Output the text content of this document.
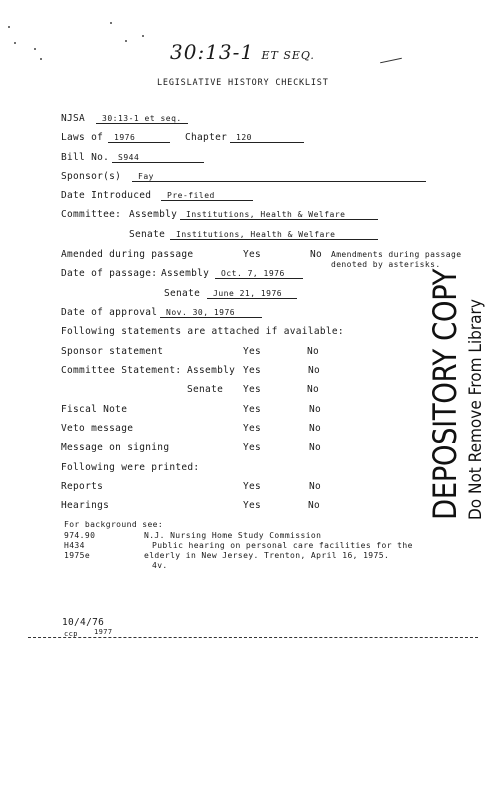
30:13-1 ET SEQ.
LEGISLATIVE HISTORY CHECKLIST
NJSA	30:13-1 et seq.
Laws of	1976	Chapter	120
Bill No.	S944
Sponsor(s)	Fay
Date Introduced	Pre-filed
Committee: Assembly	Institutions, Health & Welfare
Senate	Institutions, Health & Welfare
Amended during passage	Yes	No Amendments during passage
denoted by asterisks.
Date of passage: Assembly	Oct. 7, 1976
Senate	June 21, 1976
Date of approval	Nov. 30, 1976
Following statements are attached if available:
Sponsor statement	Yes	No
Committee Statement: Assembly Yes	No
Senate Yes	No
Fiscal Note	Yes	No
Veto message	Yes	No
Message on signing	Yes	No
Following were printed:
Reports	Yes	No
Hearings	Yes	No
For background see:
974.90	N.J. Nursing Home Study Commission
H434	Public hearing on personal care facilities for the
1975e	elderly in New Jersey. Trenton, April 16, 1975.
4v.
10/4/76
ccp 1977
DEPOSITORY COPY Do Not Remove From Library
